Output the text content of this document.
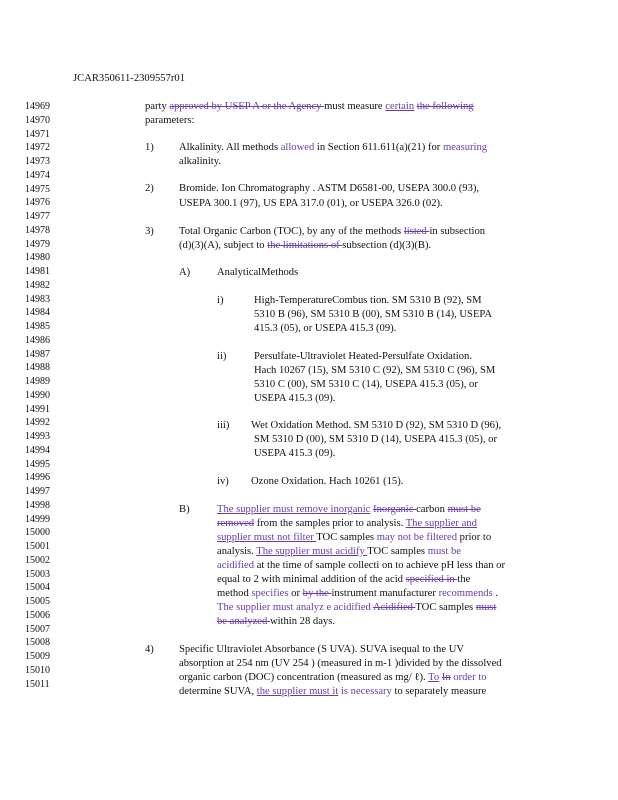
JCAR350611-2309557r01
14969
14970
14971
14972
14973
14974
14975
14976
14977
14978
14979
14980
14981
14982
14983
14984
14985
14986
14987
14988
14989
14990
14991
14992
14993
14994
14995
14996
14997
14998
14999
15000
15001
15002
15003
15004
15005
15006
15007
15008
15009
15010
15011
party approved by USEP A or the Agency must measure certain the following
parameters:
1) Alkalinity. All methods allowed in Section 611.611(a)(21) for measuring
alkalinity.
2) Bromide. Ion Chromatography . ASTM D6581-00, USEPA 300.0 (93),
USEPA 300.1 (97), US EPA 317.0 (01), or USEPA 326.0 (02).
3) Total Organic Carbon (TOC), by any of the methods listed in subsection
(d)(3)(A), subject to the limitations of subsection (d)(3)(B).
A)	AnalyticalMethods
i)	High-TemperatureCombus tion. SM 5310 B (92), SM
5310 B (96), SM 5310 B (00), SM 5310 B (14), USEPA
415.3 (05), or USEPA 415.3 (09).
ii)	Persulfate-Ultraviolet Heated-Persulfate Oxidation.
Hach 10267 (15), SM 5310 C (92), SM 5310 C (96), SM
5310 C (00), SM 5310 C (14), USEPA 415.3 (05), or
USEPA 415.3 (09).
iii) Wet Oxidation Method. SM 5310 D (92), SM 5310 D (96),
SM 5310 D (00), SM 5310 D (14), USEPA 415.3 (05), or
USEPA 415.3 (09).
iv) Ozone Oxidation. Hach 10261 (15).
B)	The supplier must remove inorganic Inorganic carbon must be
removed from the samples prior to analysis. The supplier and
supplier must not filter TOC samples may not be filtered prior to
analysis. The supplier must acidify TOC samples must be
acidified at the time of sample collecti on to achieve pH less than or
equal to 2 with minimal addition of the acid specified in the
method specifies or by the instrument manufacturer recommends .
The supplier must analyz e acidified Acidified TOC samples must
be analyzed within 28 days.
4) Specific Ultraviolet Absorbance (S UVA). SUVA isequal to the UV
absorption at 254 nm (UV 254 ) (measured in m-1 )divided by the dissolved
organic carbon (DOC) concentration (measured as mg/ ℓ). To In order to
determine SUVA, the supplier must it is necessary to separately measure
